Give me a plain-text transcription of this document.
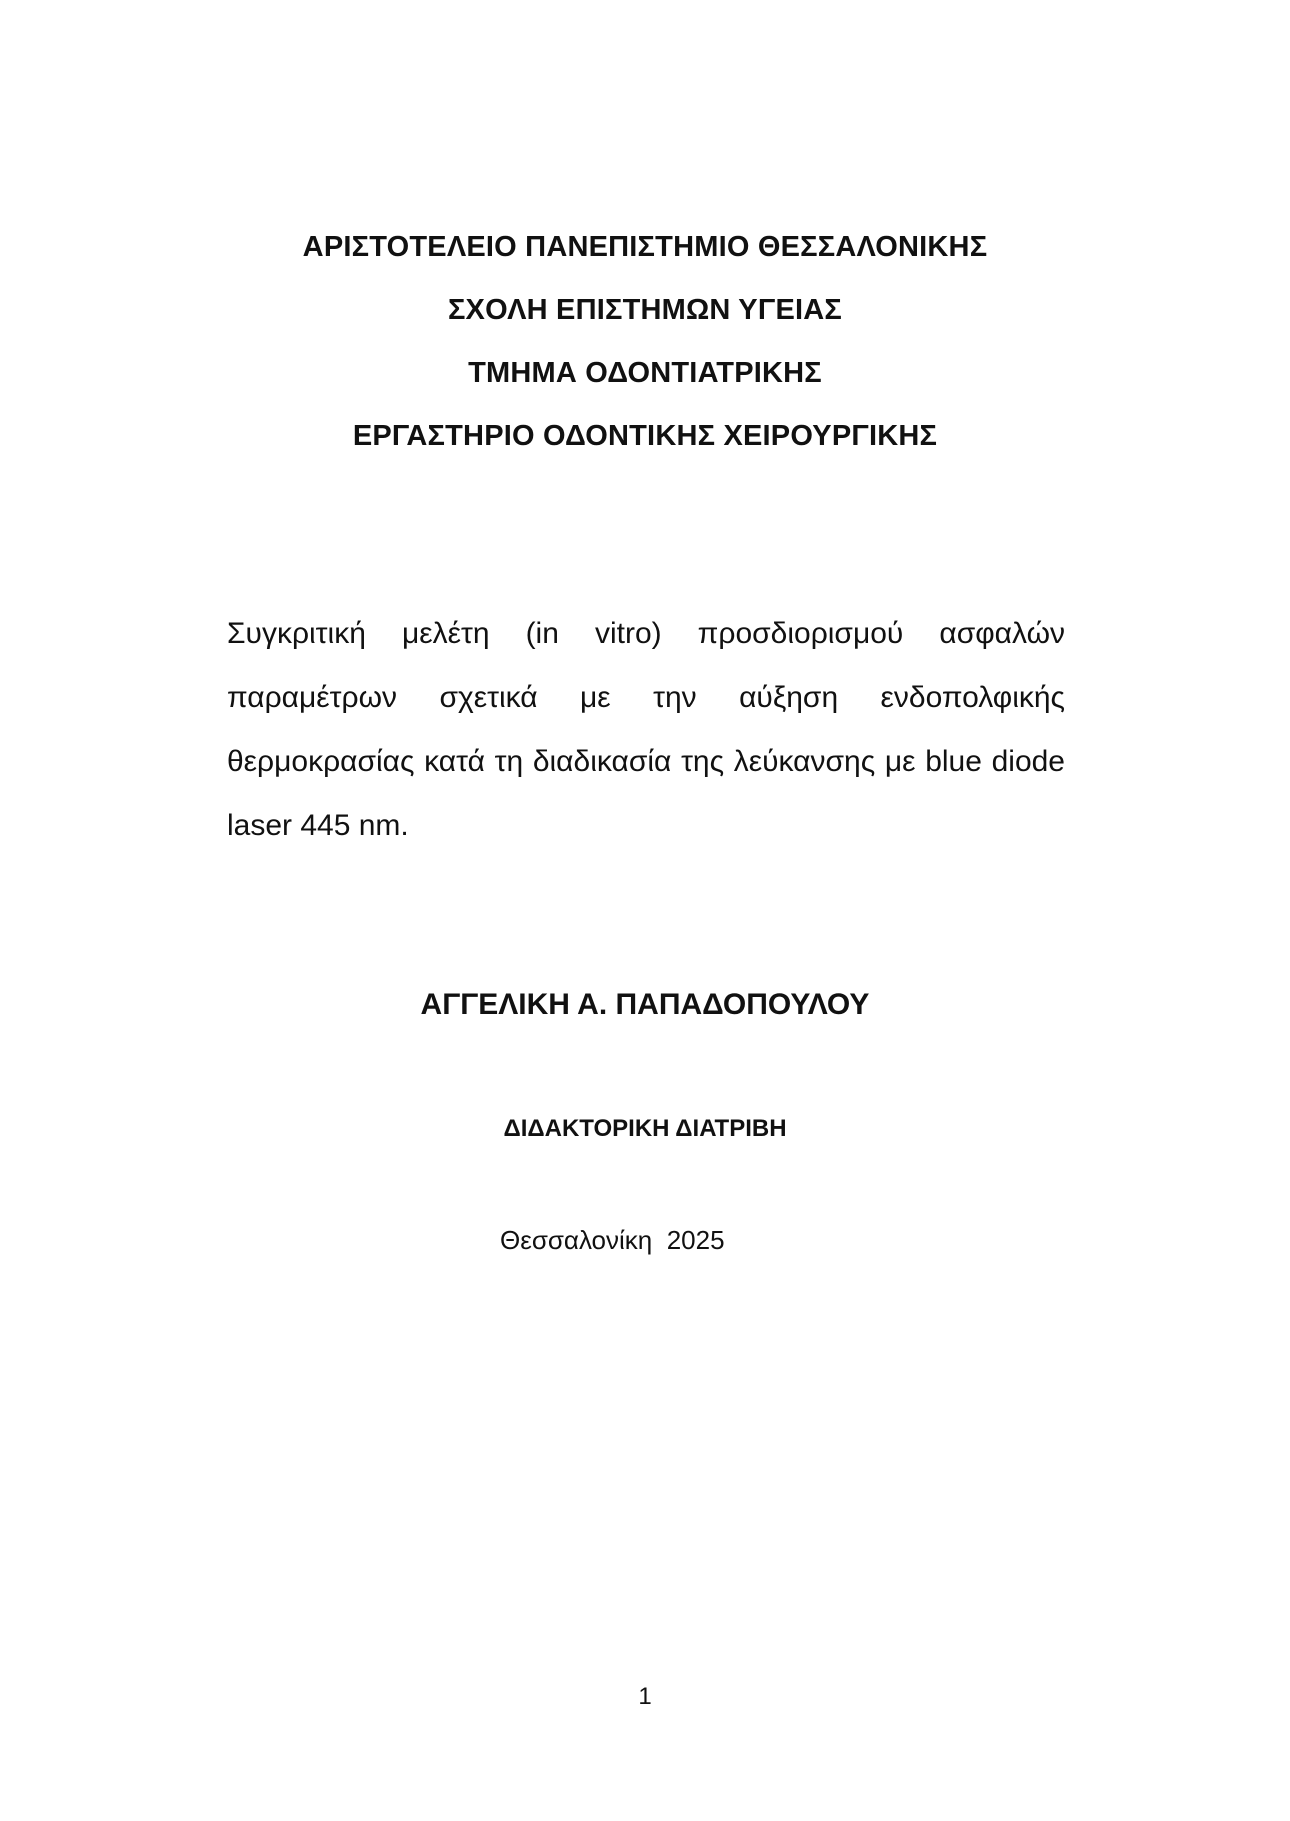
ΑΡΙΣΤΟΤΕΛΕΙΟ ΠΑΝΕΠΙΣΤΗΜΙΟ ΘΕΣΣΑΛΟΝΙΚΗΣ
ΣΧΟΛΗ ΕΠΙΣΤΗΜΩΝ ΥΓΕΙΑΣ
ΤΜΗΜΑ ΟΔΟΝΤΙΑΤΡΙΚΗΣ
ΕΡΓΑΣΤΗΡΙΟ ΟΔΟΝΤΙΚΗΣ ΧΕΙΡΟΥΡΓΙΚΗΣ

Συγκριτική μελέτη (in vitro) προσδιορισμού ασφαλών παραμέτρων σχετικά με την αύξηση ενδοπολφικής θερμοκρασίας κατά τη διαδικασία της λεύκανσης με blue diode laser 445 nm.

ΑΓΓΕΛΙΚΗ Α. ΠΑΠΑΔΟΠΟΥΛΟΥ
ΔΙΔΑΚΤΟΡΙΚΗ ΔΙΑΤΡΙΒΗ
Θεσσαλονίκη  2025
1
